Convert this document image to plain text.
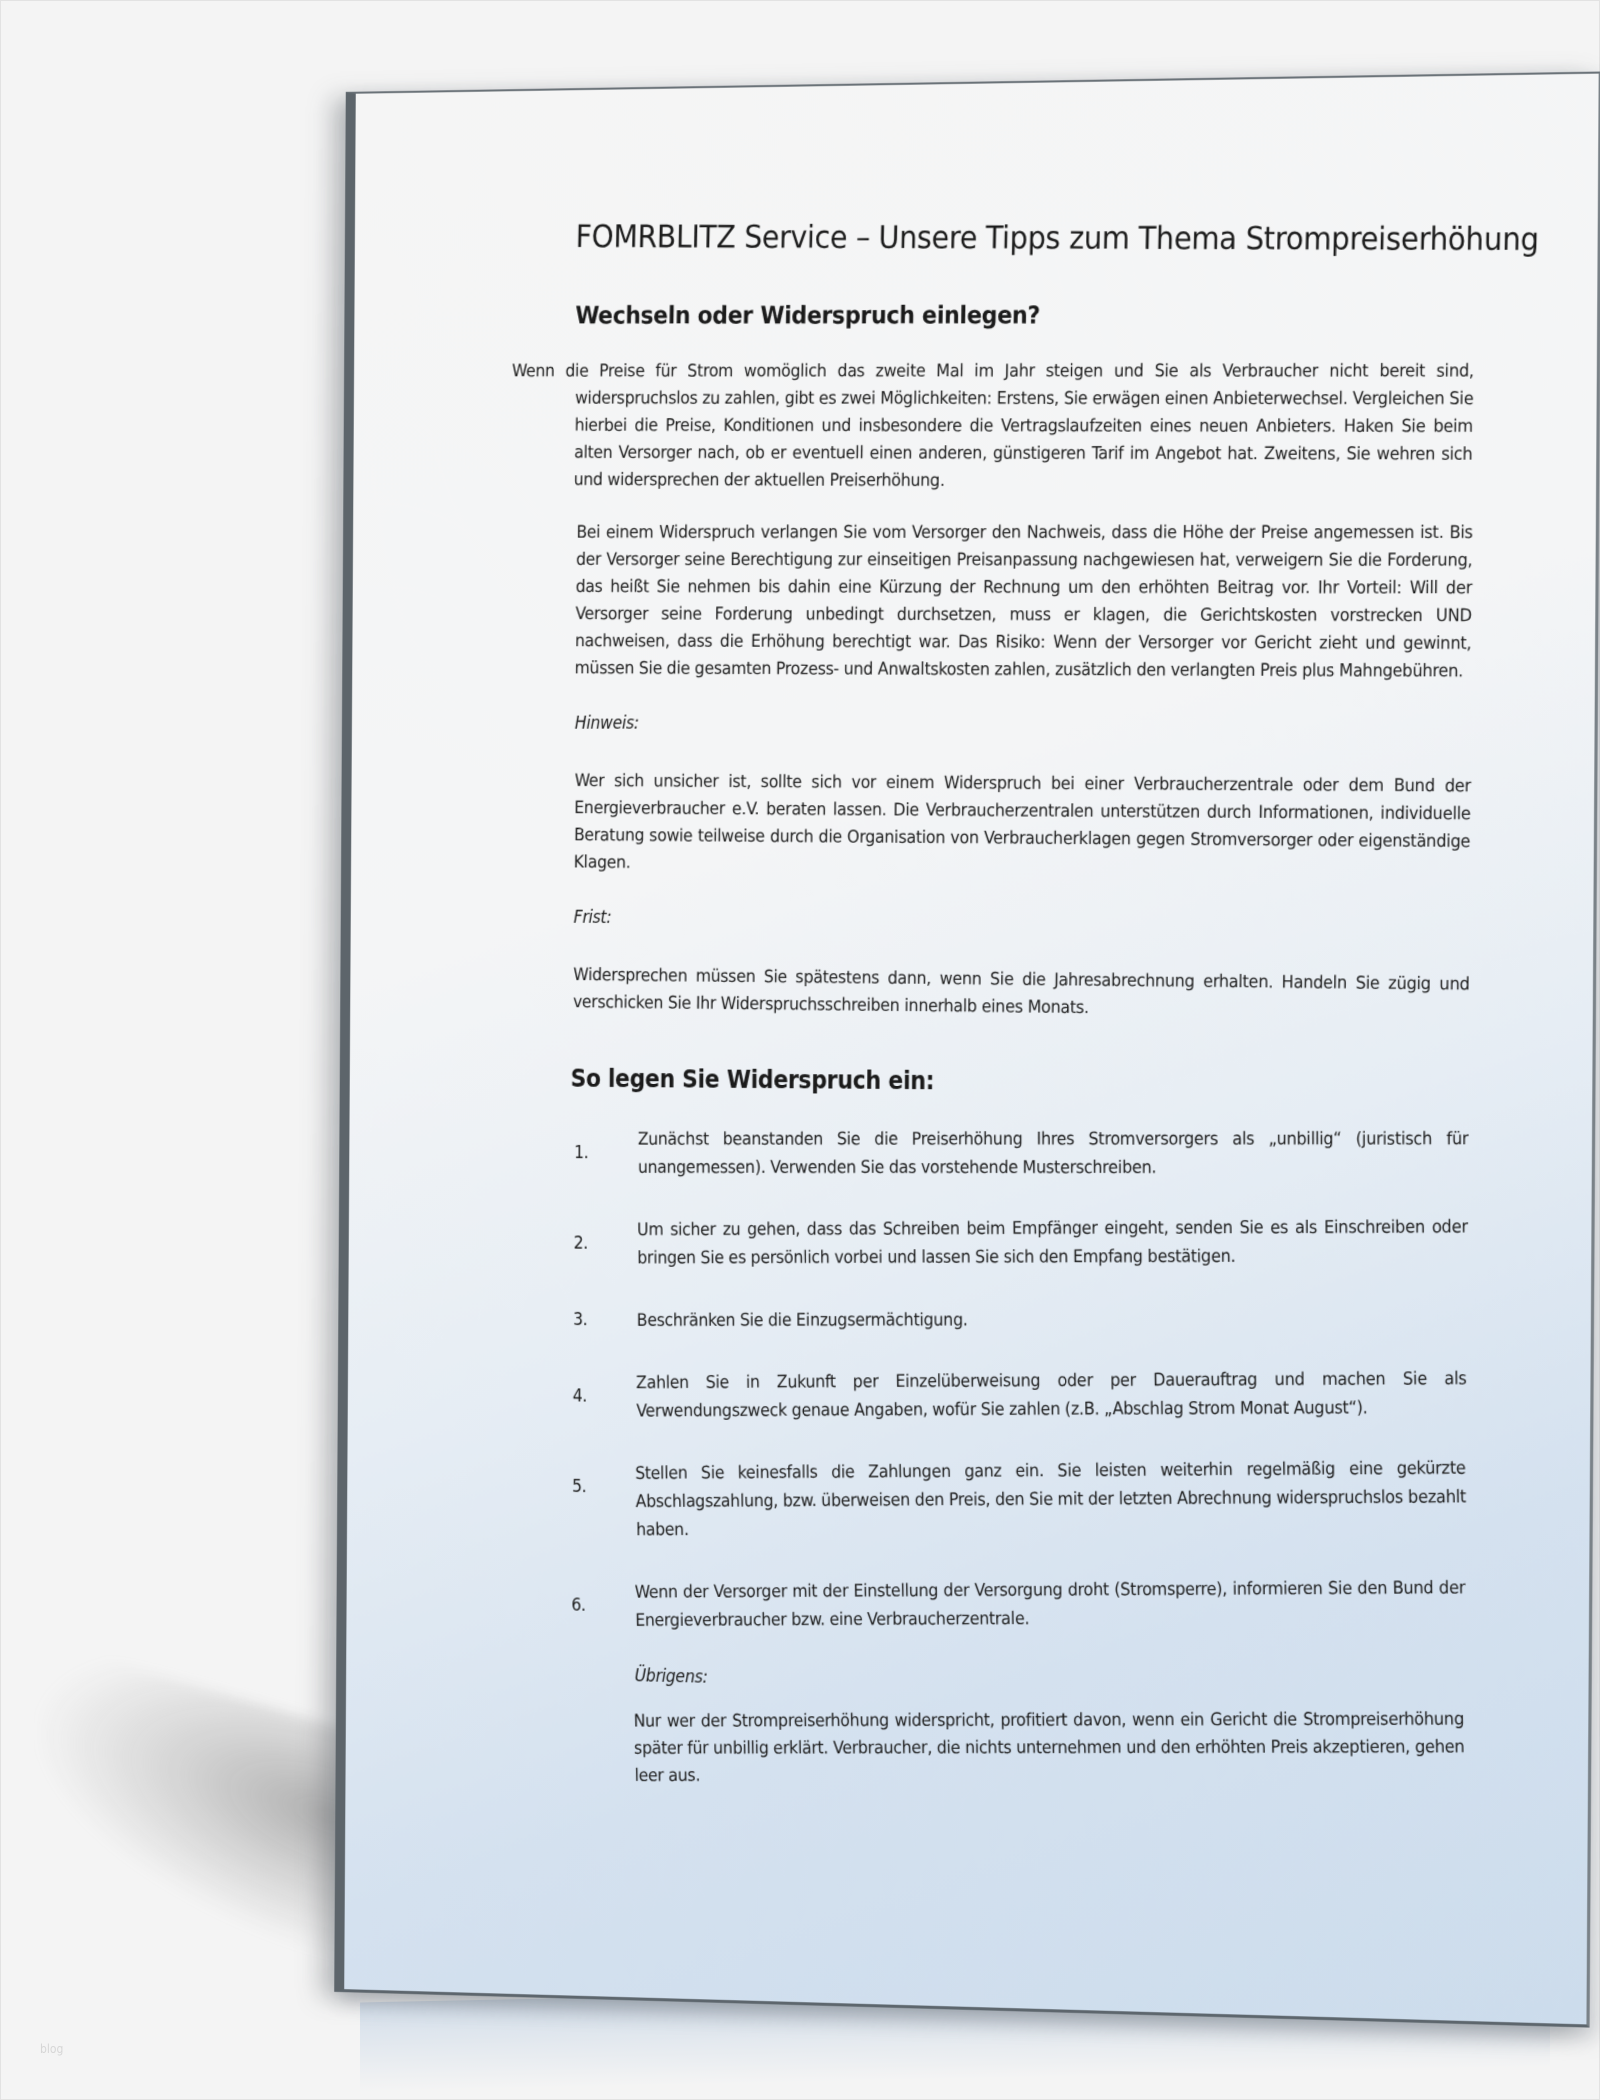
FOMRBLITZ Service – Unsere Tipps zum Thema Strompreiserhöhung
Wechseln oder Widerspruch einlegen?

Wenn die Preise für Strom womöglich das zweite Mal im Jahr steigen und Sie als Verbraucher nicht bereit sind, widerspruchslos zu zahlen, gibt es zwei Möglichkeiten: Erstens, Sie erwägen einen Anbieterwechsel. Vergleichen Sie hierbei die Preise, Konditionen und insbesondere die Vertragslaufzeiten eines neuen Anbieters. Haken Sie beim alten Versorger nach, ob er eventuell einen anderen, günstigeren Tarif im Angebot hat. Zweitens, Sie wehren sich und widersprechen der aktuellen Preiserhöhung.

Bei einem Widerspruch verlangen Sie vom Versorger den Nachweis, dass die Höhe der Preise angemessen ist. Bis der Versorger seine Berechtigung zur einseitigen Preisanpassung nachgewiesen hat, verweigern Sie die Forderung, das heißt Sie nehmen bis dahin eine Kürzung der Rechnung um den erhöhten Beitrag vor. Ihr Vorteil: Will der Versorger seine Forderung unbedingt durchsetzen, muss er klagen, die Gerichtskosten vorstrecken UND nachweisen, dass die Erhöhung berechtigt war. Das Risiko: Wenn der Versorger vor Gericht zieht und gewinnt, müssen Sie die gesamten Prozess- und Anwaltskosten zahlen, zusätzlich den verlangten Preis plus Mahngebühren.

Hinweis:

Wer sich unsicher ist, sollte sich vor einem Widerspruch bei einer Verbraucherzentrale oder dem Bund der Energieverbraucher e.V. beraten lassen. Die Verbraucherzentralen unterstützen durch Informationen, individuelle Beratung sowie teilweise durch die Organisation von Verbraucherklagen gegen Stromversorger oder eigenständige Klagen.

Frist:

Widersprechen müssen Sie spätestens dann, wenn Sie die Jahresabrechnung erhalten. Handeln Sie zügig und verschicken Sie Ihr Widerspruchsschreiben innerhalb eines Monats.

So legen Sie Widerspruch ein:
1.
Zunächst beanstanden Sie die Preiserhöhung Ihres Stromversorgers als „unbillig“ (juristisch für unangemessen). Verwenden Sie das vorstehende Musterschreiben.
2.
Um sicher zu gehen, dass das Schreiben beim Empfänger eingeht, senden Sie es als Einschreiben oder bringen Sie es persönlich vorbei und lassen Sie sich den Empfang bestätigen.
3.	Beschränken Sie die Einzugsermächtigung.
4.
Zahlen Sie in Zukunft per Einzelüberweisung oder per Dauerauftrag und machen Sie als Verwendungszweck genaue Angaben, wofür Sie zahlen (z.B. „Abschlag Strom Monat August“).
5.
Stellen Sie keinesfalls die Zahlungen ganz ein. Sie leisten weiterhin regelmäßig eine gekürzte Abschlagszahlung, bzw. überweisen den Preis, den Sie mit der letzten Abrechnung widerspruchslos bezahlt haben.
6.
Wenn der Versorger mit der Einstellung der Versorgung droht (Stromsperre), informieren Sie den Bund der Energieverbraucher bzw. eine Verbraucherzentrale.

Übrigens:

Nur wer der Strompreiserhöhung widerspricht, profitiert davon, wenn ein Gericht die Strompreiserhöhung später für unbillig erklärt. Verbraucher, die nichts unternehmen und den erhöhten Preis akzeptieren, gehen leer aus.

blog
